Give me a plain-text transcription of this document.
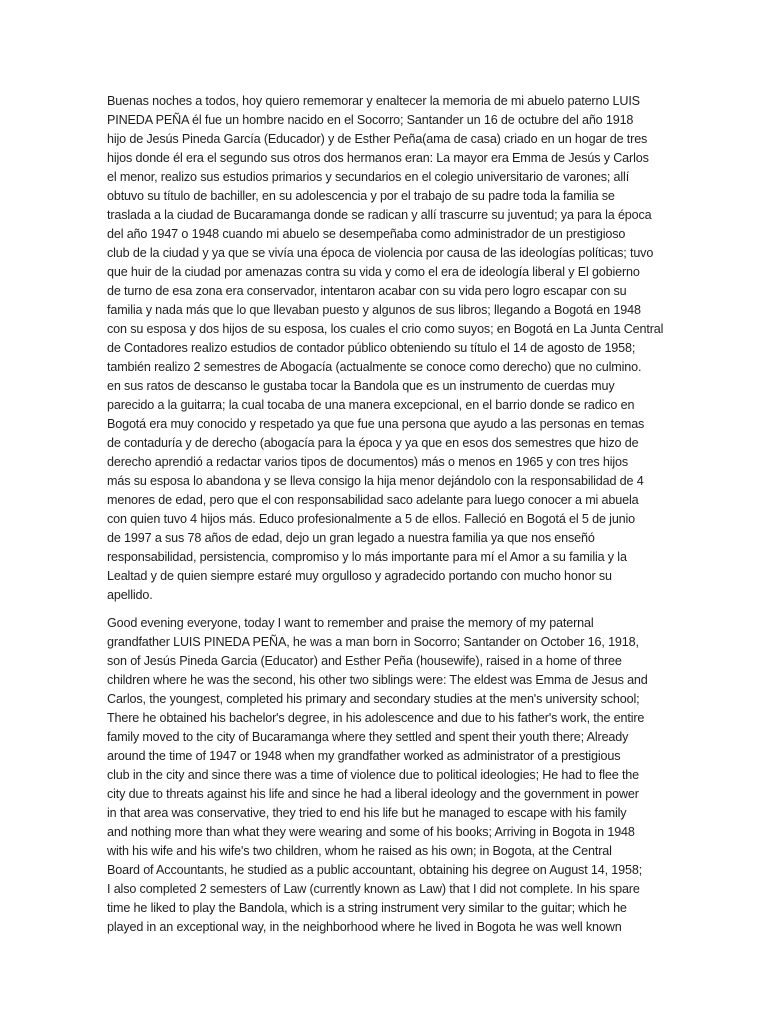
Buenas noches a todos, hoy quiero rememorar y enaltecer la memoria de mi abuelo paterno LUIS
PINEDA PEÑA él fue un hombre nacido en el Socorro; Santander un 16 de octubre del año 1918
hijo de Jesús Pineda García (Educador) y de Esther Peña(ama de casa) criado en un hogar de tres
hijos donde él era el segundo sus otros dos hermanos eran: La mayor era Emma de Jesús y Carlos
el menor, realizo sus estudios primarios y secundarios en el colegio universitario de varones; allí
obtuvo su título de bachiller, en su adolescencia y por el trabajo de su padre toda la familia se
traslada a la ciudad de Bucaramanga donde se radican y allí trascurre su juventud; ya para la época
del año 1947 o 1948 cuando mi abuelo se desempeñaba como administrador de un prestigioso
club de la ciudad y ya que se vivía una época de violencia por causa de las ideologías políticas; tuvo
que huir de la ciudad por amenazas contra su vida y como el era de ideología liberal y El gobierno
de turno de esa zona era conservador, intentaron acabar con su vida pero logro escapar con su
familia y nada más que lo que llevaban puesto y algunos de sus libros; llegando a Bogotá en 1948
con su esposa y dos hijos de su esposa, los cuales el crio como suyos; en Bogotá en La Junta Central
de Contadores realizo estudios de contador público obteniendo su título el 14 de agosto de 1958;
también realizo 2 semestres de Abogacía (actualmente se conoce como derecho) que no culmino.
en sus ratos de descanso le gustaba tocar la Bandola que es un instrumento de cuerdas muy
parecido a la guitarra; la cual tocaba de una manera excepcional, en el barrio donde se radico en
Bogotá era muy conocido y respetado ya que fue una persona que ayudo a las personas en temas
de contaduría y de derecho (abogacía para la época y ya que en esos dos semestres que hizo de
derecho aprendió a redactar varios tipos de documentos) más o menos en 1965 y con tres hijos
más su esposa lo abandona y se lleva consigo la hija menor dejándolo con la responsabilidad de 4
menores de edad, pero que el con responsabilidad saco adelante para luego conocer a mi abuela
con quien tuvo 4 hijos más. Educo profesionalmente a 5 de ellos. Falleció en Bogotá el 5 de junio
de 1997 a sus 78 años de edad, dejo un gran legado a nuestra familia ya que nos enseñó
responsabilidad, persistencia, compromiso y lo más importante para mí el Amor a su familia y la
Lealtad y de quien siempre estaré muy orgulloso y agradecido portando con mucho honor su
apellido.
Good evening everyone, today I want to remember and praise the memory of my paternal
grandfather LUIS PINEDA PEÑA, he was a man born in Socorro; Santander on October 16, 1918,
son of Jesús Pineda Garcia (Educator) and Esther Peña (housewife), raised in a home of three
children where he was the second, his other two siblings were: The eldest was Emma de Jesus and
Carlos, the youngest, completed his primary and secondary studies at the men's university school;
There he obtained his bachelor's degree, in his adolescence and due to his father's work, the entire
family moved to the city of Bucaramanga where they settled and spent their youth there; Already
around the time of 1947 or 1948 when my grandfather worked as administrator of a prestigious
club in the city and since there was a time of violence due to political ideologies; He had to flee the
city due to threats against his life and since he had a liberal ideology and the government in power
in that area was conservative, they tried to end his life but he managed to escape with his family
and nothing more than what they were wearing and some of his books; Arriving in Bogota in 1948
with his wife and his wife's two children, whom he raised as his own; in Bogota, at the Central
Board of Accountants, he studied as a public accountant, obtaining his degree on August 14, 1958;
I also completed 2 semesters of Law (currently known as Law) that I did not complete. In his spare
time he liked to play the Bandola, which is a string instrument very similar to the guitar; which he
played in an exceptional way, in the neighborhood where he lived in Bogota he was well known
